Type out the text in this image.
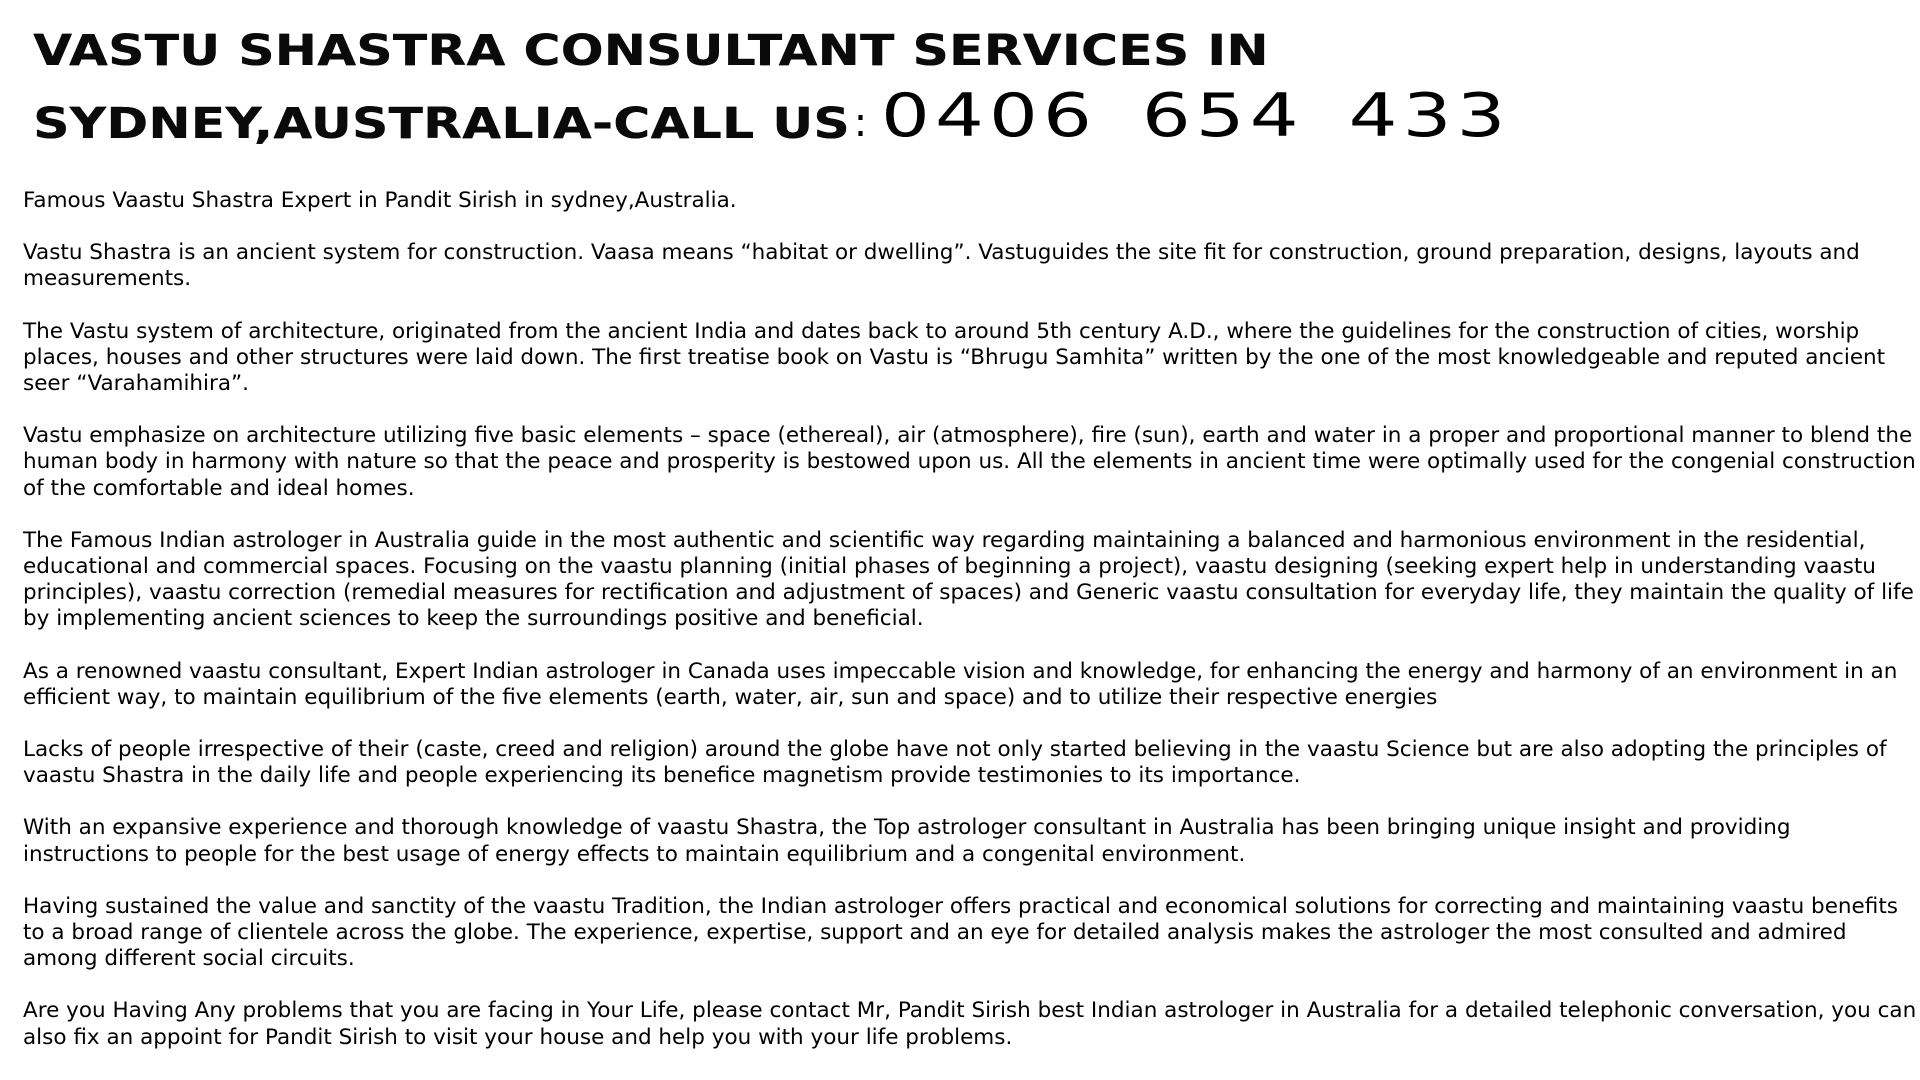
VASTU SHASTRA CONSULTANT SERVICES IN
SYDNEY,AUSTRALIA-CALL US : 0406 654 433

Famous Vaastu Shastra Expert in Pandit Sirish in sydney,Australia.

Vastu Shastra is an ancient system for construction. Vaasa means “habitat or dwelling”. Vastuguides the site fit for construction, ground preparation, designs, layouts and measurements.

The Vastu system of architecture, originated from the ancient India and dates back to around 5th century A.D., where the guidelines for the construction of cities, worship places, houses and other structures were laid down. The first treatise book on Vastu is “Bhrugu Samhita” written by the one of the most knowledgeable and reputed ancient seer “Varahamihira”.

Vastu emphasize on architecture utilizing five basic elements – space (ethereal), air (atmosphere), fire (sun), earth and water in a proper and proportional manner to blend the human body in harmony with nature so that the peace and prosperity is bestowed upon us. All the elements in ancient time were optimally used for the congenial construction of the comfortable and ideal homes.

The Famous Indian astrologer in Australia guide in the most authentic and scientific way regarding maintaining a balanced and harmonious environment in the residential, educational and commercial spaces. Focusing on the vaastu planning (initial phases of beginning a project), vaastu designing (seeking expert help in understanding vaastu principles), vaastu correction (remedial measures for rectification and adjustment of spaces) and Generic vaastu consultation for everyday life, they maintain the quality of life by implementing ancient sciences to keep the surroundings positive and beneficial.

As a renowned vaastu consultant, Expert Indian astrologer in Canada uses impeccable vision and knowledge, for enhancing the energy and harmony of an environment in an efficient way, to maintain equilibrium of the five elements (earth, water, air, sun and space) and to utilize their respective energies

Lacks of people irrespective of their (caste, creed and religion) around the globe have not only started believing in the vaastu Science but are also adopting the principles of vaastu Shastra in the daily life and people experiencing its benefice magnetism provide testimonies to its importance.

With an expansive experience and thorough knowledge of vaastu Shastra, the Top astrologer consultant in Australia has been bringing unique insight and providing instructions to people for the best usage of energy effects to maintain equilibrium and a congenital environment.

Having sustained the value and sanctity of the vaastu Tradition, the Indian astrologer offers practical and economical solutions for correcting and maintaining vaastu benefits to a broad range of clientele across the globe. The experience, expertise, support and an eye for detailed analysis makes the astrologer the most consulted and admired among different social circuits.

Are you Having Any problems that you are facing in Your Life, please contact Mr, Pandit Sirish best Indian astrologer in Australia for a detailed telephonic conversation, you can also fix an appoint for Pandit Sirish to visit your house and help you with your life problems.
